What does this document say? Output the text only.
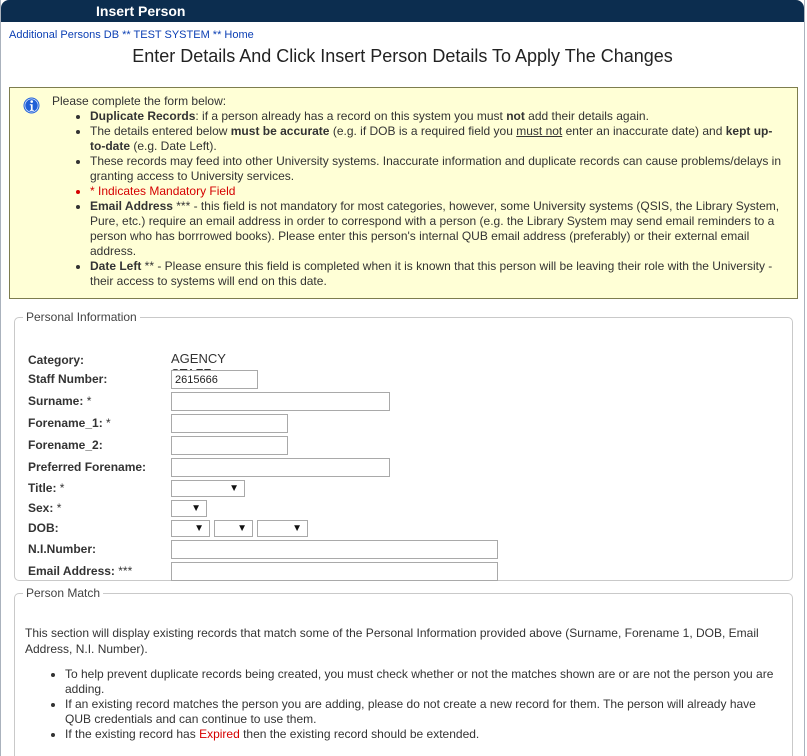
Insert Person
Additional Persons DB ** TEST SYSTEM ** Home
Enter Details And Click Insert Person Details To Apply The Changes
Please complete the form below:
• Duplicate Records: if a person already has a record on this system you must not add their details again.
• The details entered below must be accurate (e.g. if DOB is a required field you must not enter an inaccurate date) and kept up-to-date (e.g. Date Left).
• These records may feed into other University systems. Inaccurate information and duplicate records can cause problems/delays in granting access to University services.
• * Indicates Mandatory Field
• Email Address *** - this field is not mandatory for most categories, however, some University systems (QSIS, the Library System, Pure, etc.) require an email address in order to correspond with a person (e.g. the Library System may send email reminders to a person who has borrrowed books). Please enter this person's internal QUB email address (preferably) or their external email address.
• Date Left ** - Please ensure this field is completed when it is known that this person will be leaving their role with the University - their access to systems will end on this date.
Personal Information
Category:	AGENCY
Staff Number:
2615666
Surname: *
Forename_1: *
Forename_2:
Preferred Forename:
Title: *	▼
Sex: *	▼
DOB:	▼	▼	▼
N.I.Number:
Email Address: ***
Person Match
This section will display existing records that match some of the Personal Information provided above (Surname, Forename 1, DOB, Email Address, N.I. Number).
• To help prevent duplicate records being created, you must check whether or not the matches shown are or are not the person you are adding.
• If an existing record matches the person you are adding, please do not create a new record for them. The person will already have QUB credentials and can continue to use them.
• If the existing record has Expired then the existing record should be extended.
